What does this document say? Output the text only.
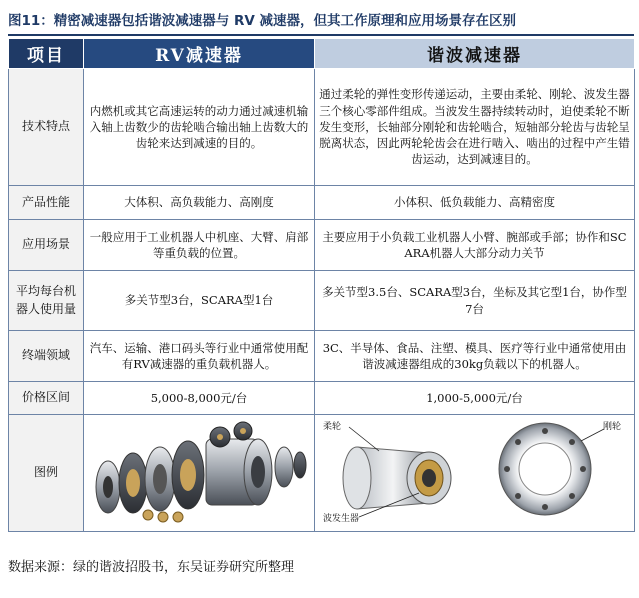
图11：精密减速器包括谐波减速器与 RV 减速器，但其工作原理和应用场景存在区别
项目	RV减速器	谐波减速器
技术特点	内燃机或其它高速运转的动力通过减速机输入轴上齿数少的齿轮啮合输出轴上齿数大的齿轮来达到减速的目的。	通过柔轮的弹性变形传递运动，主要由柔轮、刚轮、波发生器三个核心零部件组成。当波发生器持续转动时，迫使柔轮不断发生变形，长轴部分刚轮和齿轮啮合，短轴部分轮齿与齿轮呈脱离状态，因此两轮轮齿会在进行啮入、啮出的过程中产生错齿运动，达到减速目的。
产品性能	大体积、高负载能力、高刚度	小体积、低负载能力、高精密度
应用场景	一般应用于工业机器人中机座、大臂、肩部等重负载的位置。	主要应用于小负载工业机器人小臂、腕部或手部；协作和SCARA机器人大部分动力关节
平均每台机器人使用量	多关节型3台，SCARA型1台	多关节型3.5台、SCARA型3台，坐标及其它型1台，协作型7台
终端领域	汽车、运输、港口码头等行业中通常使用配有RV减速器的重负载机器人。	3C、半导体、食品、注塑、模具、医疗等行业中通常使用由谐波减速器组成的30kg负载以下的机器人。
价格区间	5,000-8,000元/台	1,000-5,000元/台
图例		柔轮 刚轮
波发生器
数据来源：绿的谐波招股书，东吴证券研究所整理
